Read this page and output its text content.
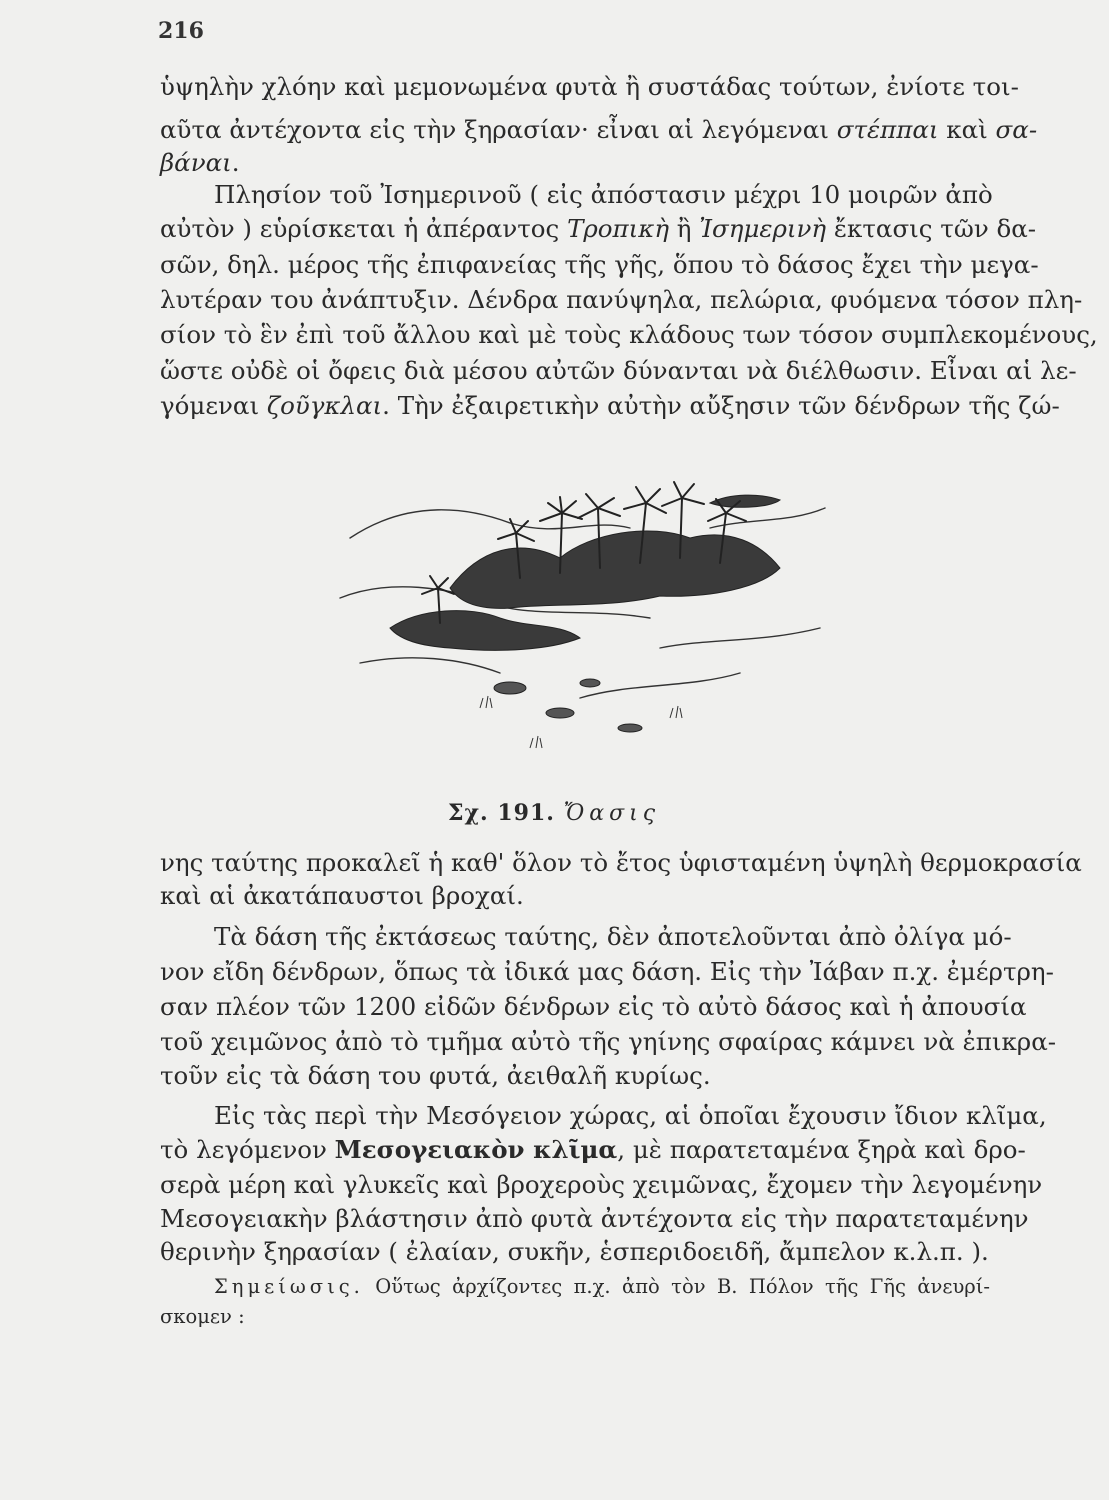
216
ὑψηλὴν χλόην καὶ μεμονωμένα φυτὰ ἢ συστάδας τούτων, ἐνίοτε τοι-
αῦτα ἀντέχοντα εἰς τὴν ξηρασίαν· εἶναι αἱ λεγόμεναι στέππαι καὶ σα-
βάναι.
Πλησίον τοῦ Ἰσημερινοῦ ( εἰς ἀπόστασιν μέχρι 10 μοιρῶν ἀπὸ
αὐτὸν ) εὑρίσκεται ἡ ἀπέραντος Τροπικὴ ἢ Ἰσημερινὴ ἔκτασις τῶν δα-
σῶν, δηλ. μέρος τῆς ἐπιφανείας τῆς γῆς, ὅπου τὸ δάσος ἔχει τὴν μεγα-
λυτέραν του ἀνάπτυξιν. Δένδρα πανύψηλα, πελώρια, φυόμενα τόσον πλη-
σίον τὸ ἓν ἐπὶ τοῦ ἄλλου καὶ μὲ τοὺς κλάδους των τόσον συμπλεκομένους,
ὥστε οὐδὲ οἱ ὄφεις διὰ μέσου αὐτῶν δύνανται νὰ διέλθωσιν. Εἶναι αἱ λε-
γόμεναι ζοῦγκλαι. Τὴν ἐξαιρετικὴν αὐτὴν αὔξησιν τῶν δένδρων τῆς ζώ-
Σχ. 191. Ὄασις
νης ταύτης προκαλεῖ ἡ καθ' ὅλον τὸ ἔτος ὑφισταμένη ὑψηλὴ θερμοκρασία
καὶ αἱ ἀκατάπαυστοι βροχαί.
Τὰ δάση τῆς ἐκτάσεως ταύτης, δὲν ἀποτελοῦνται ἀπὸ ὀλίγα μό-
νον εἴδη δένδρων, ὅπως τὰ ἰδικά μας δάση. Εἰς τὴν Ἰάβαν π.χ. ἐμέρτρη-
σαν πλέον τῶν 1200 εἰδῶν δένδρων εἰς τὸ αὐτὸ δάσος καὶ ἡ ἀπουσία
τοῦ χειμῶνος ἀπὸ τὸ τμῆμα αὐτὸ τῆς γηίνης σφαίρας κάμνει νὰ ἐπικρα-
τοῦν εἰς τὰ δάση του φυτά, ἀειθαλῆ κυρίως.
Εἰς τὰς περὶ τὴν Μεσόγειον χώρας, αἱ ὁποῖαι ἔχουσιν ἴδιον κλῖμα,
τὸ λεγόμενον Μεσογειακὸν κλῖμα, μὲ παρατεταμένα ξηρὰ καὶ δρο-
σερὰ μέρη καὶ γλυκεῖς καὶ βροχεροὺς χειμῶνας, ἔχομεν τὴν λεγομένην
Μεσογειακὴν βλάστησιν ἀπὸ φυτὰ ἀντέχοντα εἰς τὴν παρατεταμένην
θερινὴν ξηρασίαν ( ἐλαίαν, συκῆν, ἑσπεριδοειδῆ, ἄμπελον κ.λ.π. ).
Σημείωσις. Οὕτως ἀρχίζοντες π.χ. ἀπὸ τὸν Β. Πόλον τῆς Γῆς ἀνευρί-
σκομεν :
